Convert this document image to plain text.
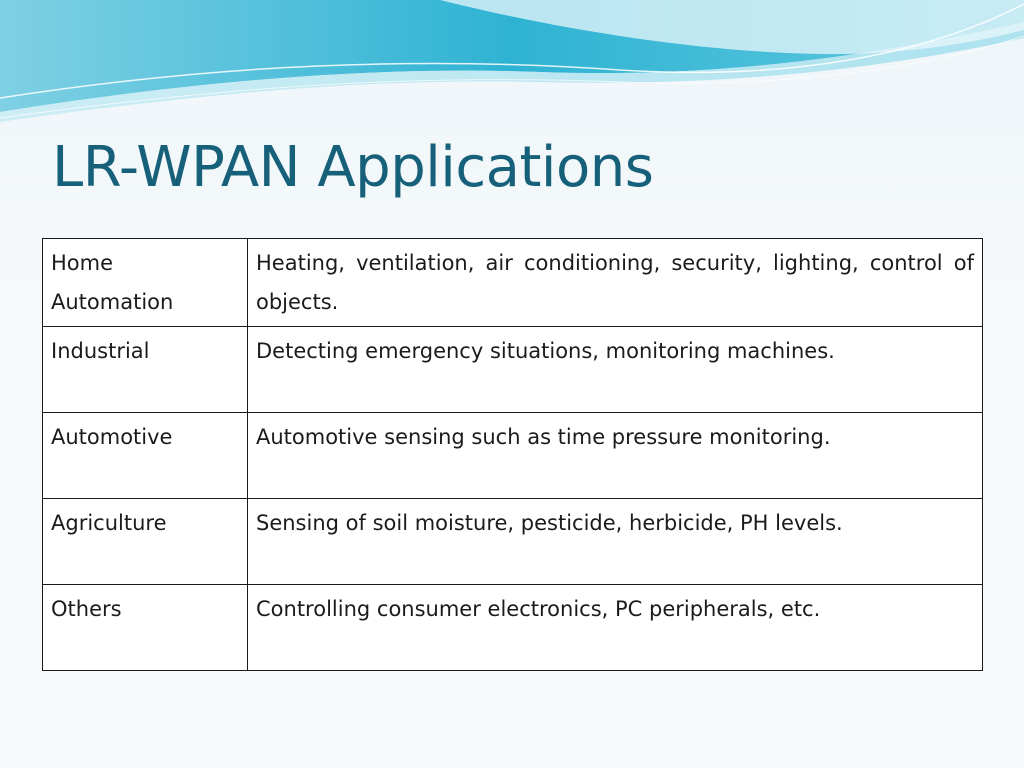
LR-WPAN Applications
Home Automation	Heating, ventilation, air conditioning, security, lighting, control of objects.
Industrial	Detecting emergency situations, monitoring machines.
Automotive	Automotive sensing such as time pressure monitoring.
Agriculture	Sensing of soil moisture, pesticide, herbicide, PH levels.
Others	Controlling consumer electronics, PC peripherals, etc.
